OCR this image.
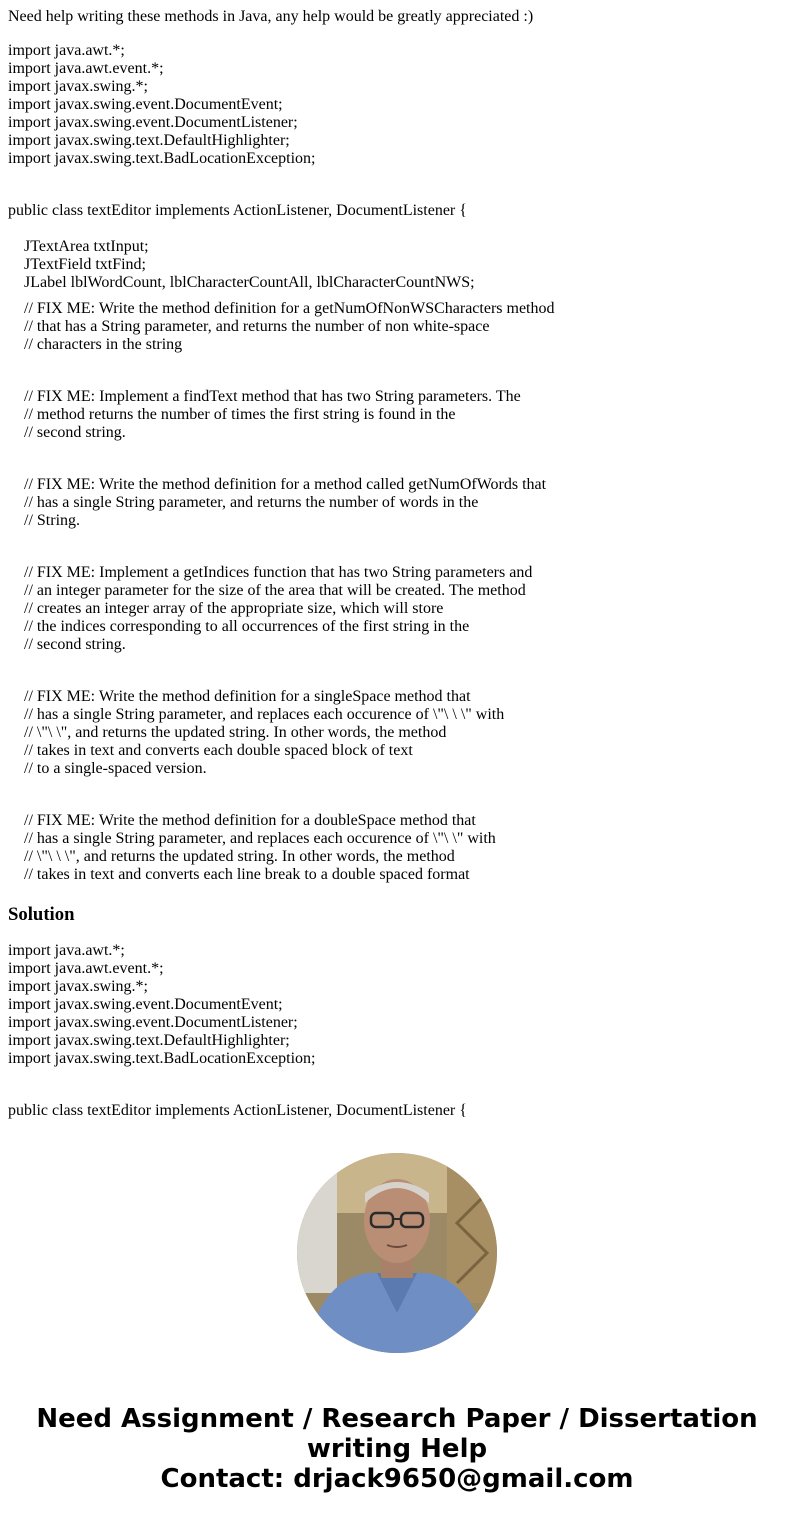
Need help writing these methods in Java, any help would be greatly appreciated :)
import java.awt.*;
import java.awt.event.*;
import javax.swing.*;
import javax.swing.event.DocumentEvent;
import javax.swing.event.DocumentListener;
import javax.swing.text.DefaultHighlighter;
import javax.swing.text.BadLocationException;
public class textEditor implements ActionListener, DocumentListener {
JTextArea txtInput;
JTextField txtFind;
JLabel lblWordCount, lblCharacterCountAll, lblCharacterCountNWS;
// FIX ME: Write the method definition for a getNumOfNonWSCharacters method
// that has a String parameter, and returns the number of non white-space
// characters in the string
// FIX ME: Implement a findText method that has two String parameters. The
// method returns the number of times the first string is found in the
// second string.
// FIX ME: Write the method definition for a method called getNumOfWords that
// has a single String parameter, and returns the number of words in the
// String.
// FIX ME: Implement a getIndices function that has two String parameters and
// an integer parameter for the size of the area that will be created. The method
// creates an integer array of the appropriate size, which will store
// the indices corresponding to all occurrences of the first string in the
// second string.
// FIX ME: Write the method definition for a singleSpace method that
// has a single String parameter, and replaces each occurence of \"\ \ \" with
// \"\ \", and returns the updated string. In other words, the method
// takes in text and converts each double spaced block of text
// to a single-spaced version.
// FIX ME: Write the method definition for a doubleSpace method that
// has a single String parameter, and replaces each occurence of \"\ \" with
// \"\ \ \", and returns the updated string. In other words, the method
// takes in text and converts each line break to a double spaced format
Solution
import java.awt.*;
import java.awt.event.*;
import javax.swing.*;
import javax.swing.event.DocumentEvent;
import javax.swing.event.DocumentListener;
import javax.swing.text.DefaultHighlighter;
import javax.swing.text.BadLocationException;
public class textEditor implements ActionListener, DocumentListener {
Need Assignment / Research Paper / Dissertation
writing Help
Contact: drjack9650@gmail.com
